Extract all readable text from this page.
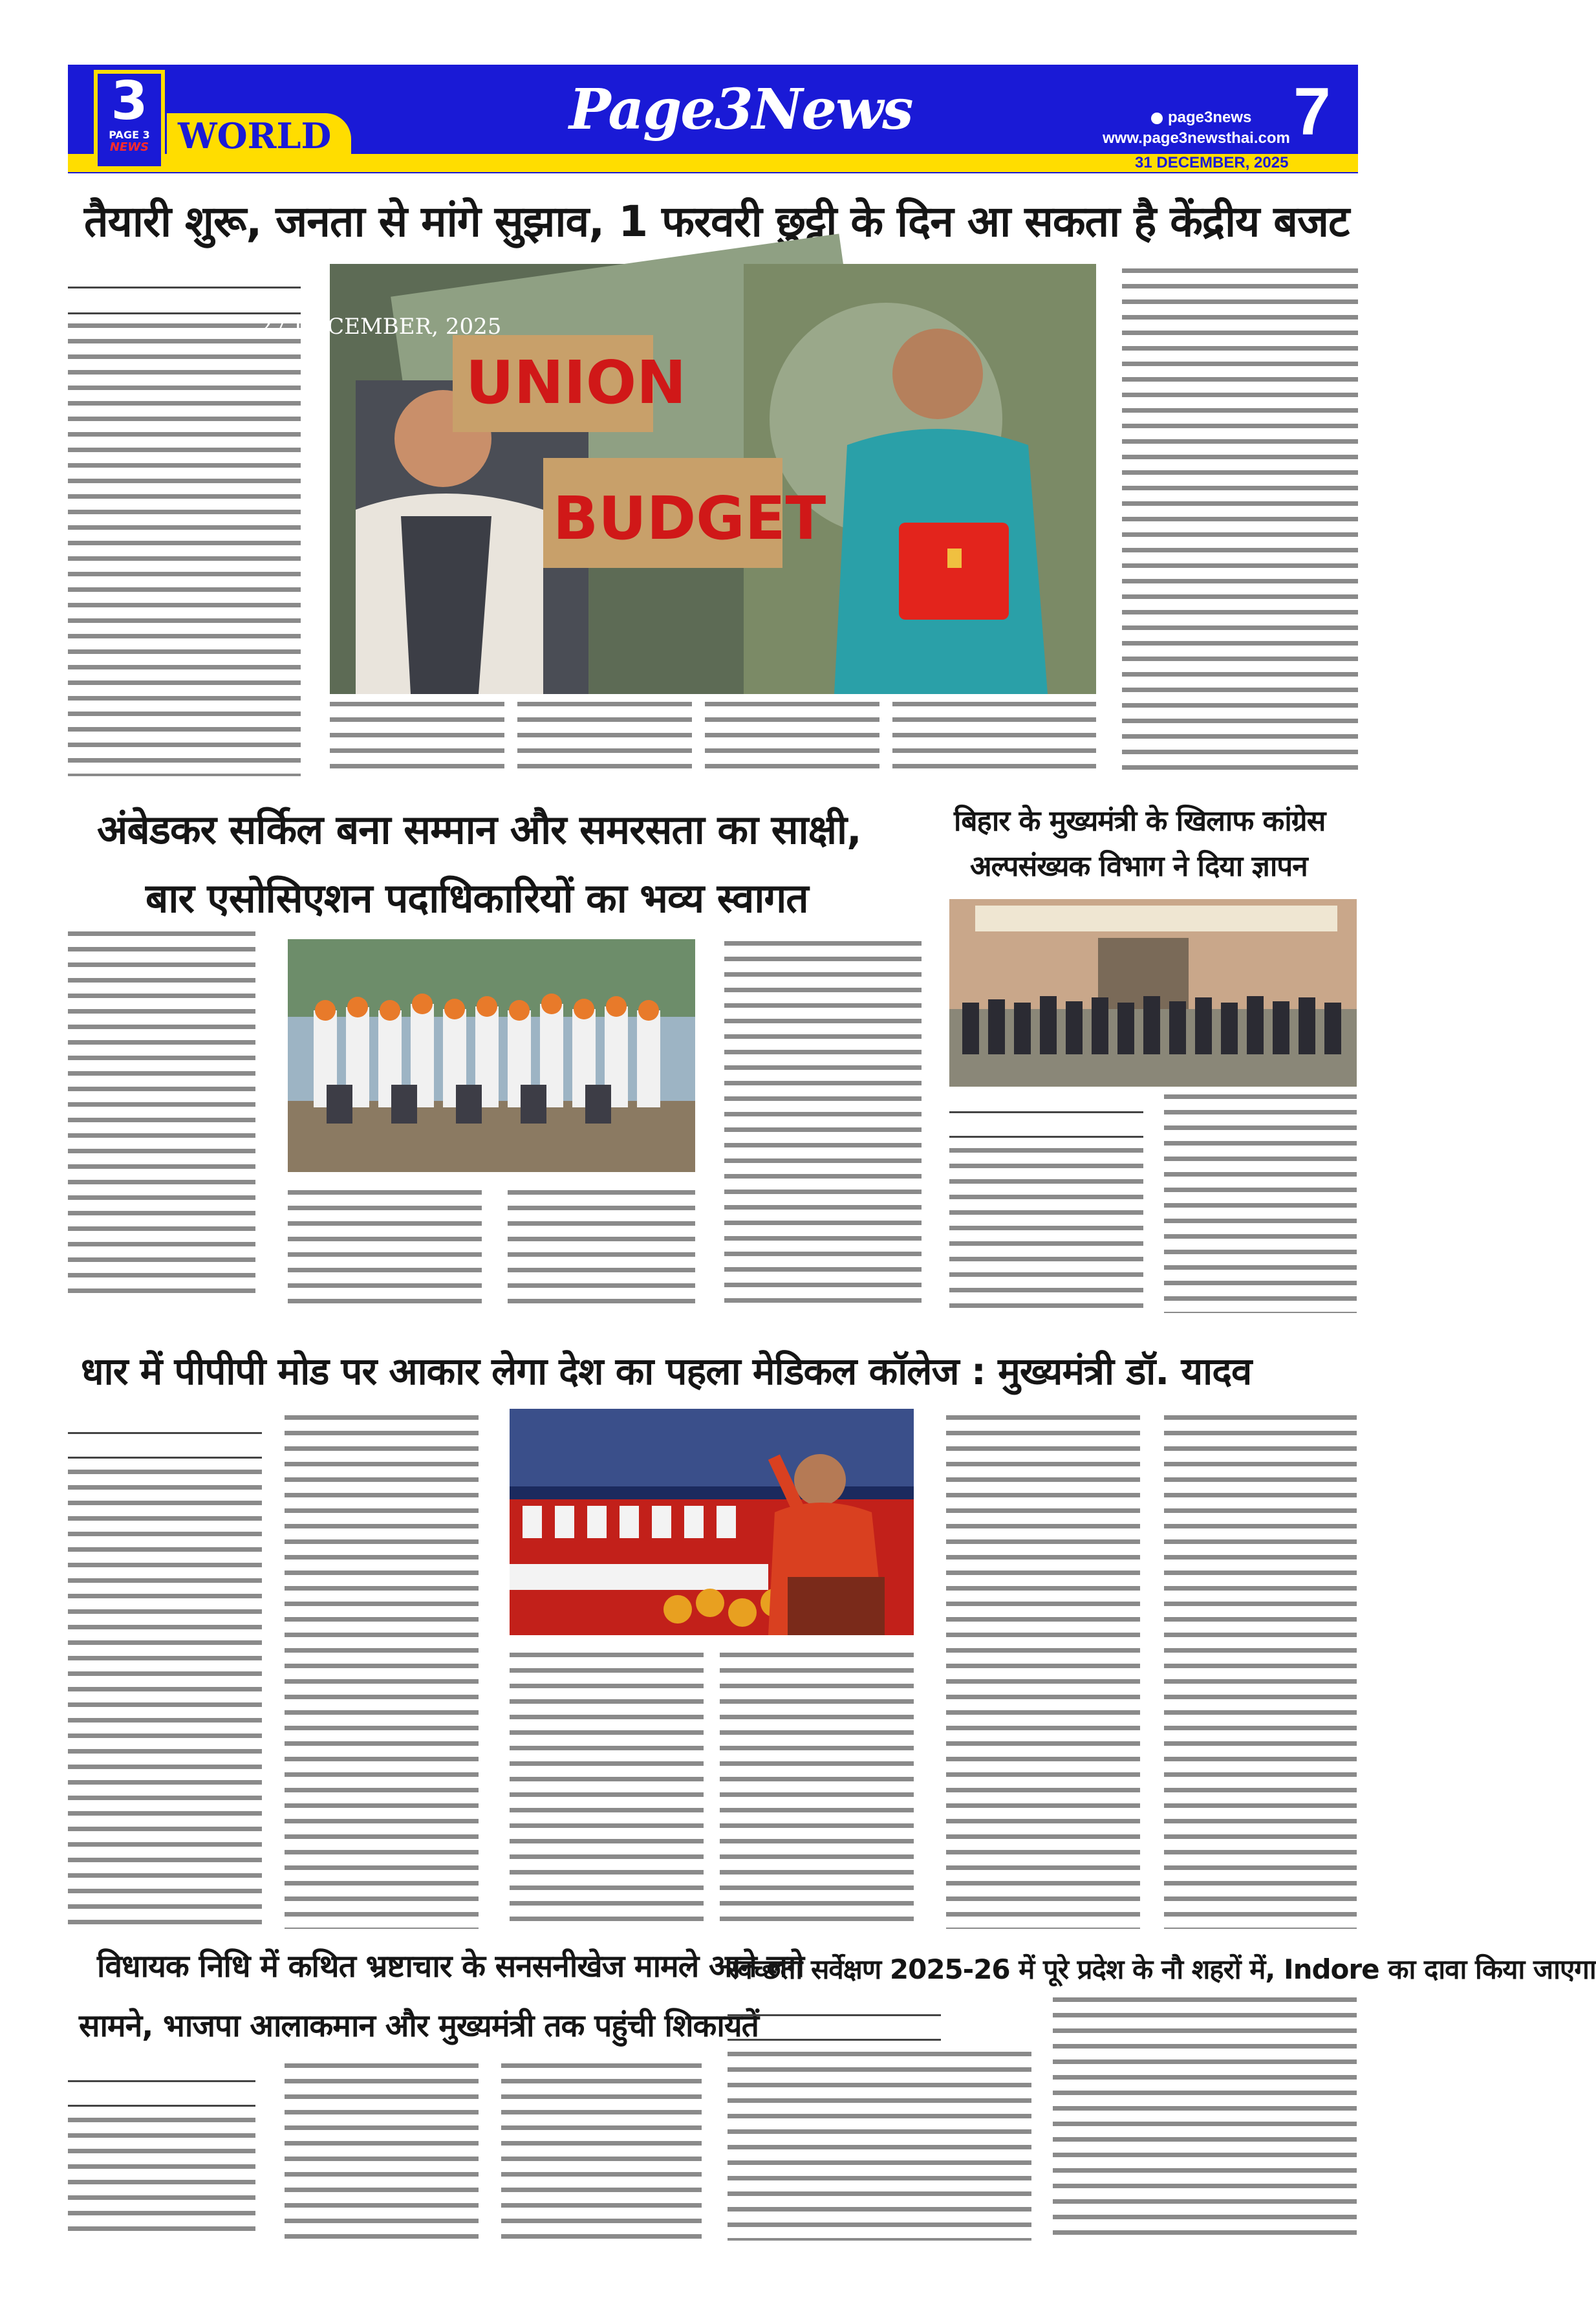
3
PAGE 3
NEWS WORLD	Page3News	page3news
www.page3newsthai.com 7
31 DECEMBER, 2025
तैयारी शुरू, जनता से मांगे सुझाव, 1 फरवरी छुट्टी के दिन आ सकता है केंद्रीय बजट
UNION
BUDGET
27 DECEMBER, 2025
अंबेडकर सर्किल बना सम्मान और समरसता का साक्षी,
बार एसोसिएशन पदाधिकारियों का भव्य स्वागत
बिहार के मुख्यमंत्री के खिलाफ कांग्रेस
अल्पसंख्यक विभाग ने दिया ज्ञापन
धार में पीपीपी मोड पर आकार लेगा देश का पहला मेडिकल कॉलेज : मुख्यमंत्री डॉ. यादव
विधायक निधि में कथित भ्रष्टाचार के सनसनीखेज मामले आने लगे
सामने, भाजपा आलाकमान और मुख्यमंत्री तक पहुंची शिकायतें
स्वच्छता सर्वेक्षण 2025-26 में पूरे प्रदेश के नौ शहरों में, Indore का दावा किया जाएगा
